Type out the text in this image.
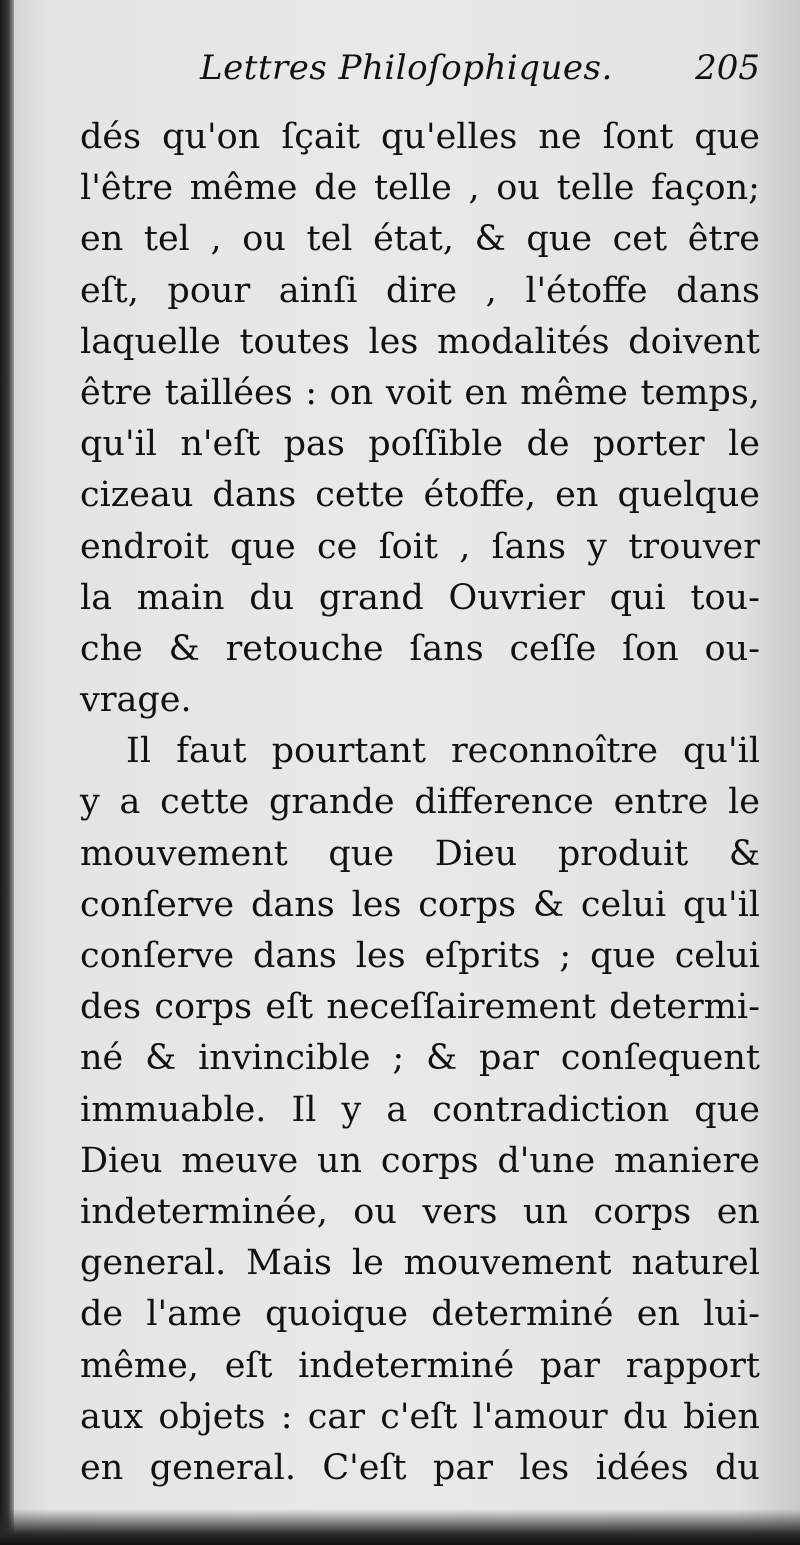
Lettres Philoſophiques. 205
dés qu'on ſçait qu'elles ne ſont que
l'être même de telle , ou telle façon;
en tel , ou tel état, & que cet être
eſt, pour ainſi dire , l'étoffe dans
laquelle toutes les modalités doivent
être taillées : on voit en même temps,
qu'il n'eſt pas poſſible de porter le
cizeau dans cette étoffe, en quelque
endroit que ce ſoit , ſans y trouver
la main du grand Ouvrier qui tou-
che & retouche ſans ceſſe ſon ou-
vrage.
Il faut pourtant reconnoître qu'il
y a cette grande difference entre le
mouvement que Dieu produit &
conſerve dans les corps & celui qu'il
conſerve dans les eſprits ; que celui
des corps eſt neceſſairement determi-
né & invincible ; & par conſequent
immuable. Il y a contradiction que
Dieu meuve un corps d'une maniere
indeterminée, ou vers un corps en
general. Mais le mouvement naturel
de l'ame quoique determiné en lui-
même, eſt indeterminé par rapport
aux objets : car c'eſt l'amour du bien
en general. C'eſt par les idées du
